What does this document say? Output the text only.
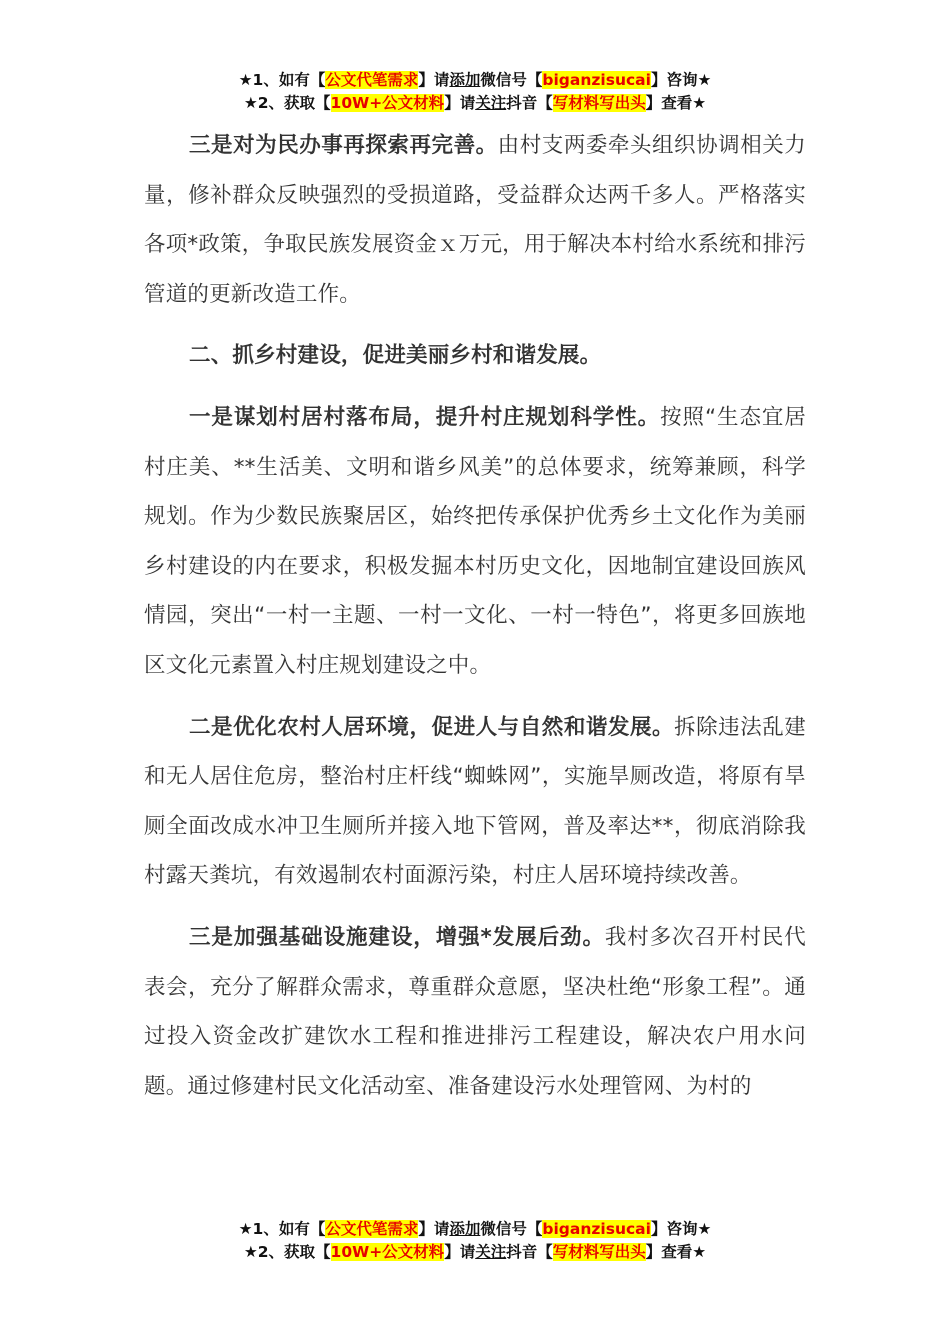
★1、如有【公文代笔需求】请添加微信号【biganzisucai】咨询★
★2、获取【10W+公文材料】请关注抖音【写材料写出头】查看★

三是对为民办事再探索再完善。由村支两委牵头组织协调相关力量，修补群众反映强烈的受损道路，受益群众达两千多人。严格落实各项*政策，争取民族发展资金ｘ万元，用于解决本村给水系统和排污管道的更新改造工作。

二、抓乡村建设，促进美丽乡村和谐发展。

一是谋划村居村落布局，提升村庄规划科学性。按照“生态宜居村庄美、**生活美、文明和谐乡风美”的总体要求，统筹兼顾，科学规划。作为少数民族聚居区，始终把传承保护优秀乡土文化作为美丽乡村建设的内在要求，积极发掘本村历史文化，因地制宜建设回族风情园，突出“一村一主题、一村一文化、一村一特色”，将更多回族地区文化元素置入村庄规划建设之中。

二是优化农村人居环境，促进人与自然和谐发展。拆除违法乱建和无人居住危房，整治村庄杆线“蜘蛛网”，实施旱厕改造，将原有旱厕全面改成水冲卫生厕所并接入地下管网，普及率达**，彻底消除我村露天粪坑，有效遏制农村面源污染，村庄人居环境持续改善。

三是加强基础设施建设，增强*发展后劲。我村多次召开村民代表会，充分了解群众需求，尊重群众意愿，坚决杜绝“形象工程”。通过投入资金改扩建饮水工程和推进排污工程建设，解决农户用水问题。通过修建村民文化活动室、准备建设污水处理管网、为村的

★1、如有【公文代笔需求】请添加微信号【biganzisucai】咨询★
★2、获取【10W+公文材料】请关注抖音【写材料写出头】查看★
